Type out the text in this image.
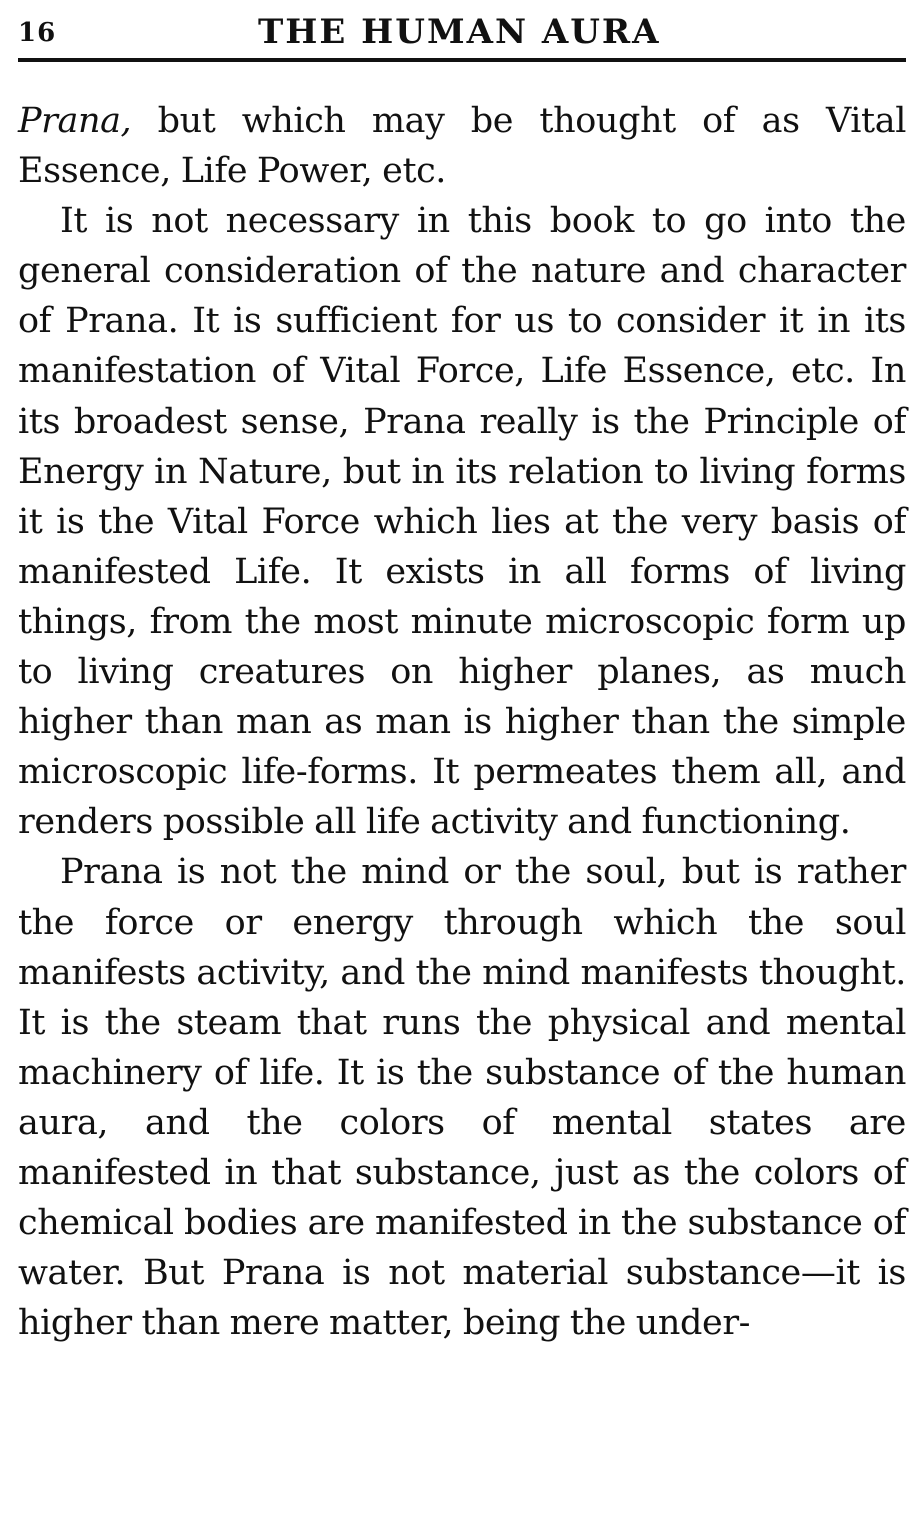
16	THE HUMAN AURA

Prana, but which may be thought of as Vital Essence, Life Power, etc.

It is not necessary in this book to go into the general consideration of the nature and character of Prana. It is sufficient for us to consider it in its manifestation of Vital Force, Life Essence, etc. In its broadest sense, Prana really is the Principle of Energy in Nature, but in its relation to living forms it is the Vital Force which lies at the very basis of manifested Life. It exists in all forms of living things, from the most minute microscopic form up to living creatures on higher planes, as much higher than man as man is higher than the simple microscopic life-forms. It permeates them all, and renders possible all life activity and functioning.

Prana is not the mind or the soul, but is rather the force or energy through which the soul manifests activity, and the mind manifests thought. It is the steam that runs the physical and mental machinery of life. It is the substance of the human aura, and the colors of mental states are manifested in that substance, just as the colors of chemical bodies are manifested in the substance of water. But Prana is not material substance—it is higher than mere matter, being the under-
